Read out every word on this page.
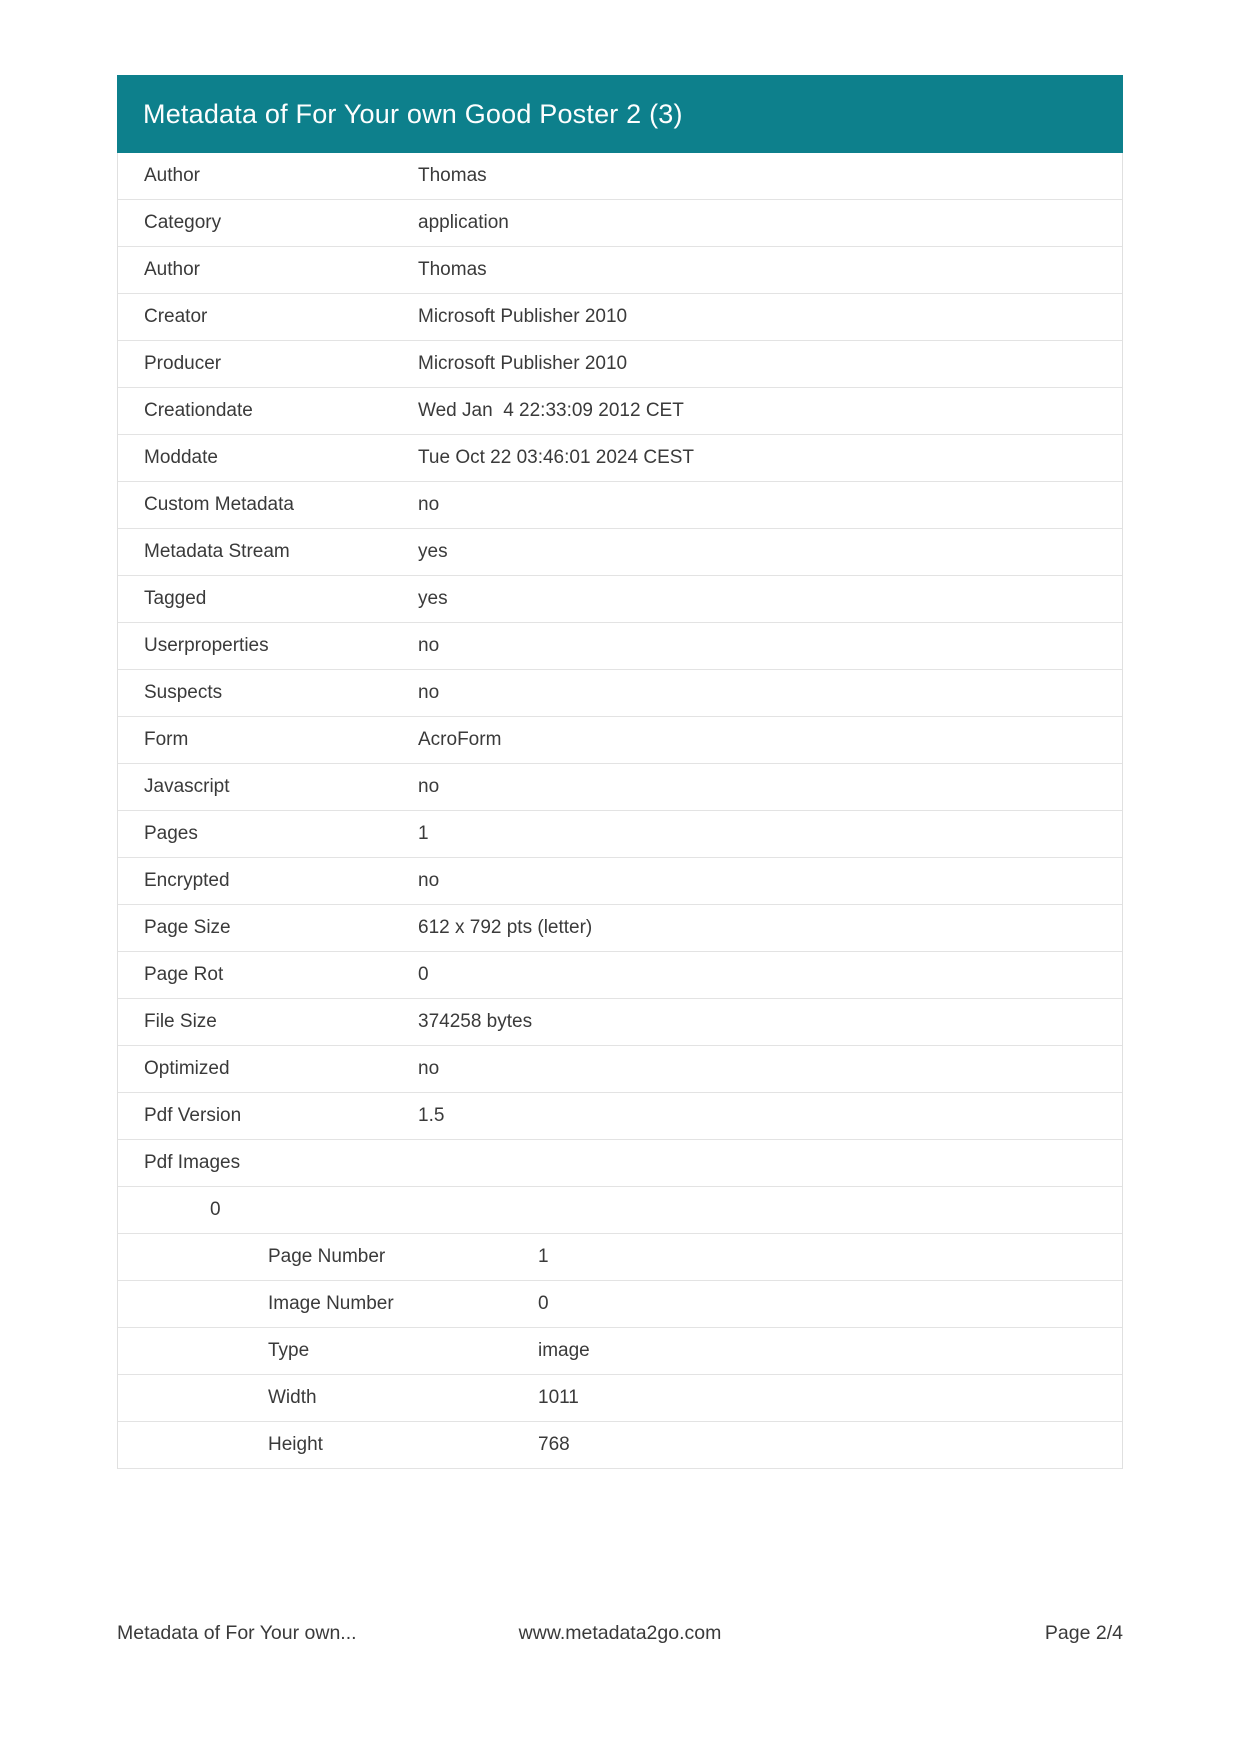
Metadata of For Your own Good Poster 2 (3)
Author	Thomas
Category	application
Author	Thomas
Creator	Microsoft Publisher 2010
Producer	Microsoft Publisher 2010
Creationdate	Wed Jan  4 22:33:09 2012 CET
Moddate	Tue Oct 22 03:46:01 2024 CEST
Custom Metadata	no
Metadata Stream	yes
Tagged	yes
Userproperties	no
Suspects	no
Form	AcroForm
Javascript	no
Pages	1
Encrypted	no
Page Size	612 x 792 pts (letter)
Page Rot	0
File Size	374258 bytes
Optimized	no
Pdf Version	1.5
Pdf Images
0
Page Number	1
Image Number	0
Type	image
Width	1011
Height	768
Metadata of For Your own...	www.metadata2go.com	Page 2/4
